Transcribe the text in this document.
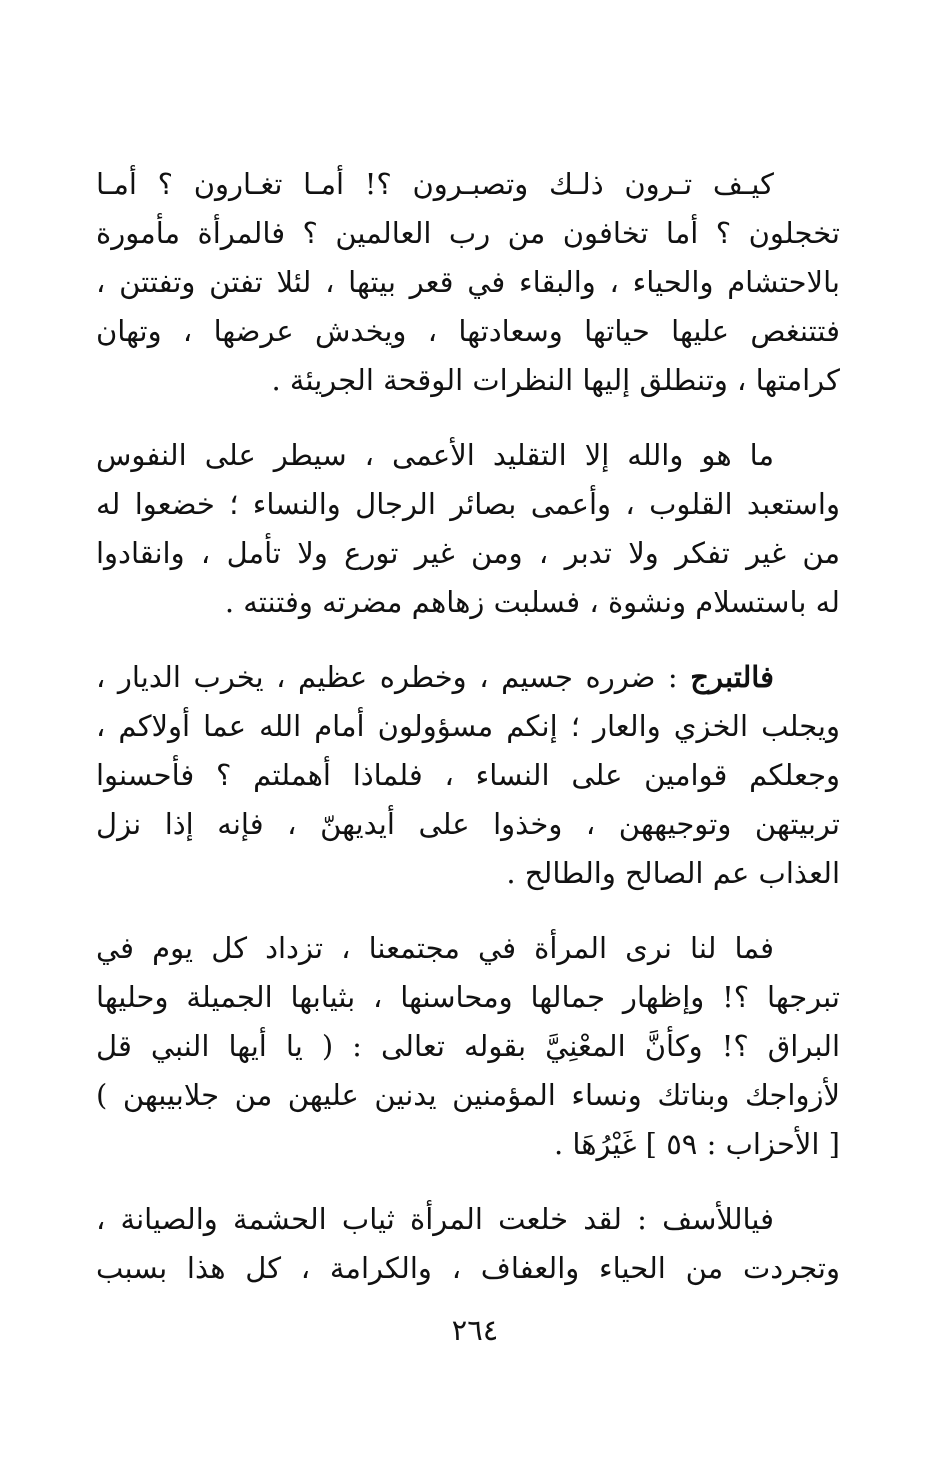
كيـف تـرون ذلـك وتصبـرون ؟! أمـا تغـارون ؟ أمـا
تخجلون ؟ أما تخافون من رب العالمين ؟ فالمرأة مأمورة
بالاحتشام والحياء ، والبقاء في قعر بيتها ، لئلا تفتن وتفتتن ،
فتتنغص عليها حياتها وسعادتها ، ويخدش عرضها ، وتهان
كرامتها ، وتنطلق إليها النظرات الوقحة الجريئة .
ما هو والله إلا التقليد الأعمى ، سيطر على النفوس
واستعبد القلوب ، وأعمى بصائر الرجال والنساء ؛ خضعوا له
من غير تفكر ولا تدبر ، ومن غير تورع ولا تأمل ، وانقادوا
له باستسلام ونشوة ، فسلبت زهاهم مضرته وفتنته .
فالتبرج : ضرره جسيم ، وخطره عظيم ، يخرب الديار ،
ويجلب الخزي والعار ؛ إنكم مسؤولون أمام الله عما أولاكم ،
وجعلكم قوامين على النساء ، فلماذا أهملتم ؟ فأحسنوا
تربيتهن وتوجيههن ، وخذوا على أيديهنّ ، فإنه إذا نزل
العذاب عم الصالح والطالح .
فما لنا نرى المرأة في مجتمعنا ، تزداد كل يوم في
تبرجها ؟! وإظهار جمالها ومحاسنها ، بثيابها الجميلة وحليها
البراق ؟! وكأنَّ المعْنِيَّ بقوله تعالى : ( يا أيها النبي قل
لأزواجك وبناتك ونساء المؤمنين يدنين عليهن من جلابيبهن )
[ الأحزاب : ٥٩ ] غَيْرُهَا .
فياللأسف : لقد خلعت المرأة ثياب الحشمة والصيانة ،
وتجردت من الحياء والعفاف ، والكرامة ، كل هذا بسبب
٢٦٤
